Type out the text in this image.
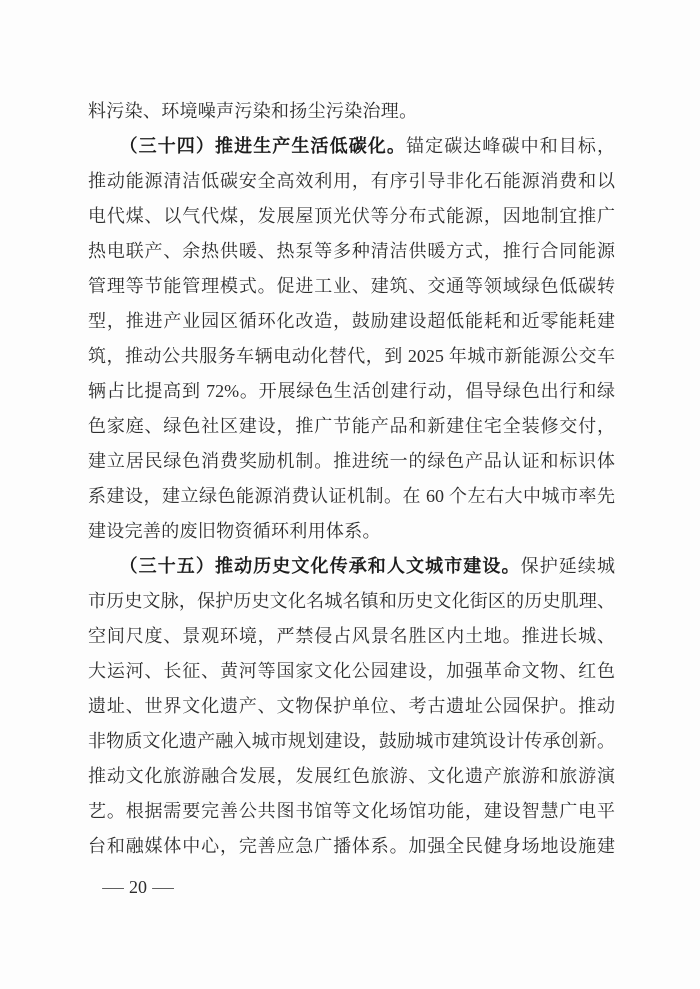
料污染、环境噪声污染和扬尘污染治理。
（三十四）推进生产生活低碳化。锚定碳达峰碳中和目标，
推动能源清洁低碳安全高效利用，有序引导非化石能源消费和以
电代煤、以气代煤，发展屋顶光伏等分布式能源，因地制宜推广
热电联产、余热供暖、热泵等多种清洁供暖方式，推行合同能源
管理等节能管理模式。促进工业、建筑、交通等领域绿色低碳转
型，推进产业园区循环化改造，鼓励建设超低能耗和近零能耗建
筑，推动公共服务车辆电动化替代，到 2025 年城市新能源公交车
辆占比提高到 72%。开展绿色生活创建行动，倡导绿色出行和绿
色家庭、绿色社区建设，推广节能产品和新建住宅全装修交付，
建立居民绿色消费奖励机制。推进统一的绿色产品认证和标识体
系建设，建立绿色能源消费认证机制。在 60 个左右大中城市率先
建设完善的废旧物资循环利用体系。
（三十五）推动历史文化传承和人文城市建设。保护延续城
市历史文脉，保护历史文化名城名镇和历史文化街区的历史肌理、
空间尺度、景观环境，严禁侵占风景名胜区内土地。推进长城、
大运河、长征、黄河等国家文化公园建设，加强革命文物、红色
遗址、世界文化遗产、文物保护单位、考古遗址公园保护。推动
非物质文化遗产融入城市规划建设，鼓励城市建筑设计传承创新。
推动文化旅游融合发展，发展红色旅游、文化遗产旅游和旅游演
艺。根据需要完善公共图书馆等文化场馆功能，建设智慧广电平
台和融媒体中心，完善应急广播体系。加强全民健身场地设施建
— 20 —
